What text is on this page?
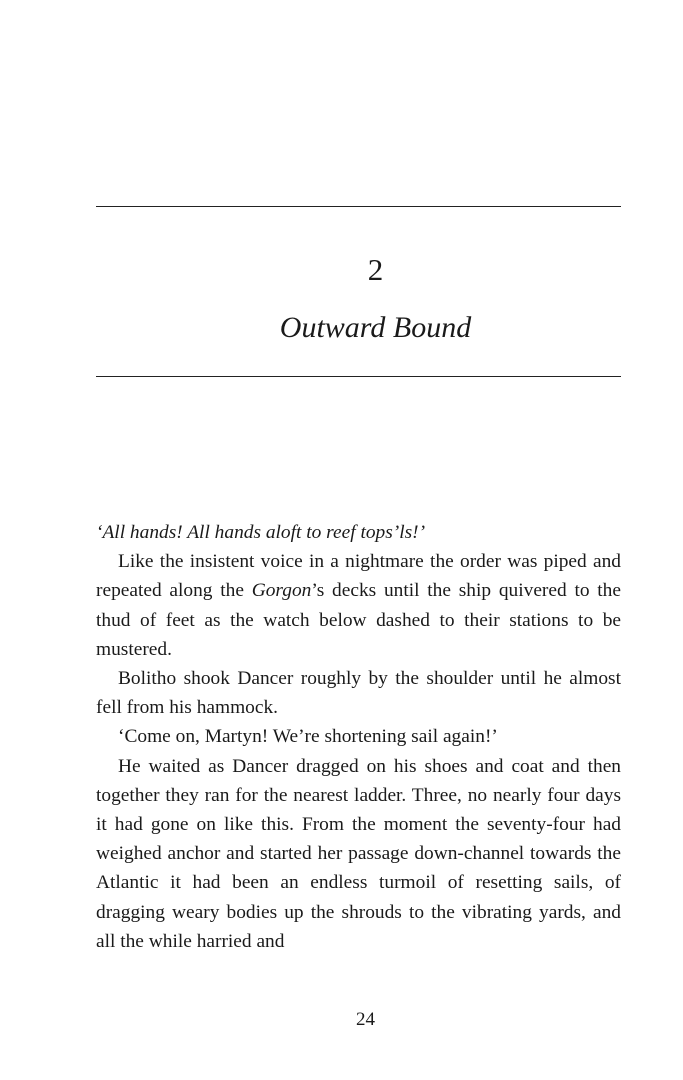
2
Outward Bound

‘All hands! All hands aloft to reef tops’ls!’

Like the insistent voice in a nightmare the order was piped and repeated along the Gorgon’s decks until the ship quivered to the thud of feet as the watch below dashed to their stations to be mustered.

Bolitho shook Dancer roughly by the shoulder until he almost fell from his hammock.

‘Come on, Martyn! We’re shortening sail again!’

He waited as Dancer dragged on his shoes and coat and then together they ran for the nearest ladder. Three, no nearly four days it had gone on like this. From the moment the seventy-four had weighed anchor and started her passage down-channel towards the Atlantic it had been an endless turmoil of resetting sails, of dragging weary bodies up the shrouds to the vibrating yards, and all the while harried and

24
